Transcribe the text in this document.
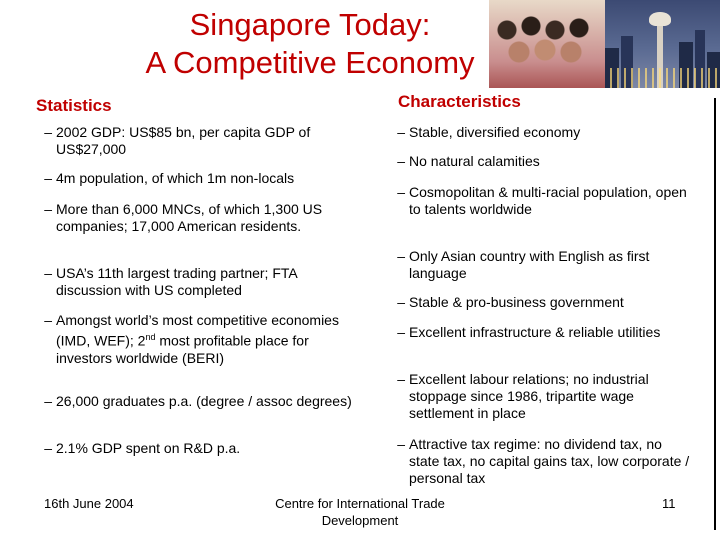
Singapore Today:
A Competitive Economy
Statistics	Characteristics
– 2002 GDP: US$85 bn, per capita GDP of US$27,000
– 4m population, of which 1m non-locals
– More than 6,000 MNCs, of which 1,300 US companies; 17,000 American residents.
– USA’s 11th largest trading partner; FTA discussion with US completed
– Amongst world’s most competitive economies (IMD, WEF); 2nd most profitable place for investors worldwide (BERI)
– 26,000 graduates p.a. (degree / assoc degrees)
– 2.1% GDP spent on R&D p.a.
– Stable, diversified economy
– No natural calamities
– Cosmopolitan & multi-racial population, open to talents worldwide
– Only Asian country with English as first language
– Stable & pro-business government
– Excellent infrastructure & reliable utilities
– Excellent labour relations; no industrial stoppage since 1986, tripartite wage settlement in place
– Attractive tax regime: no dividend tax, no state tax, no capital gains tax, low corporate / personal tax
16th June 2004	Centre for International Trade Development
11
